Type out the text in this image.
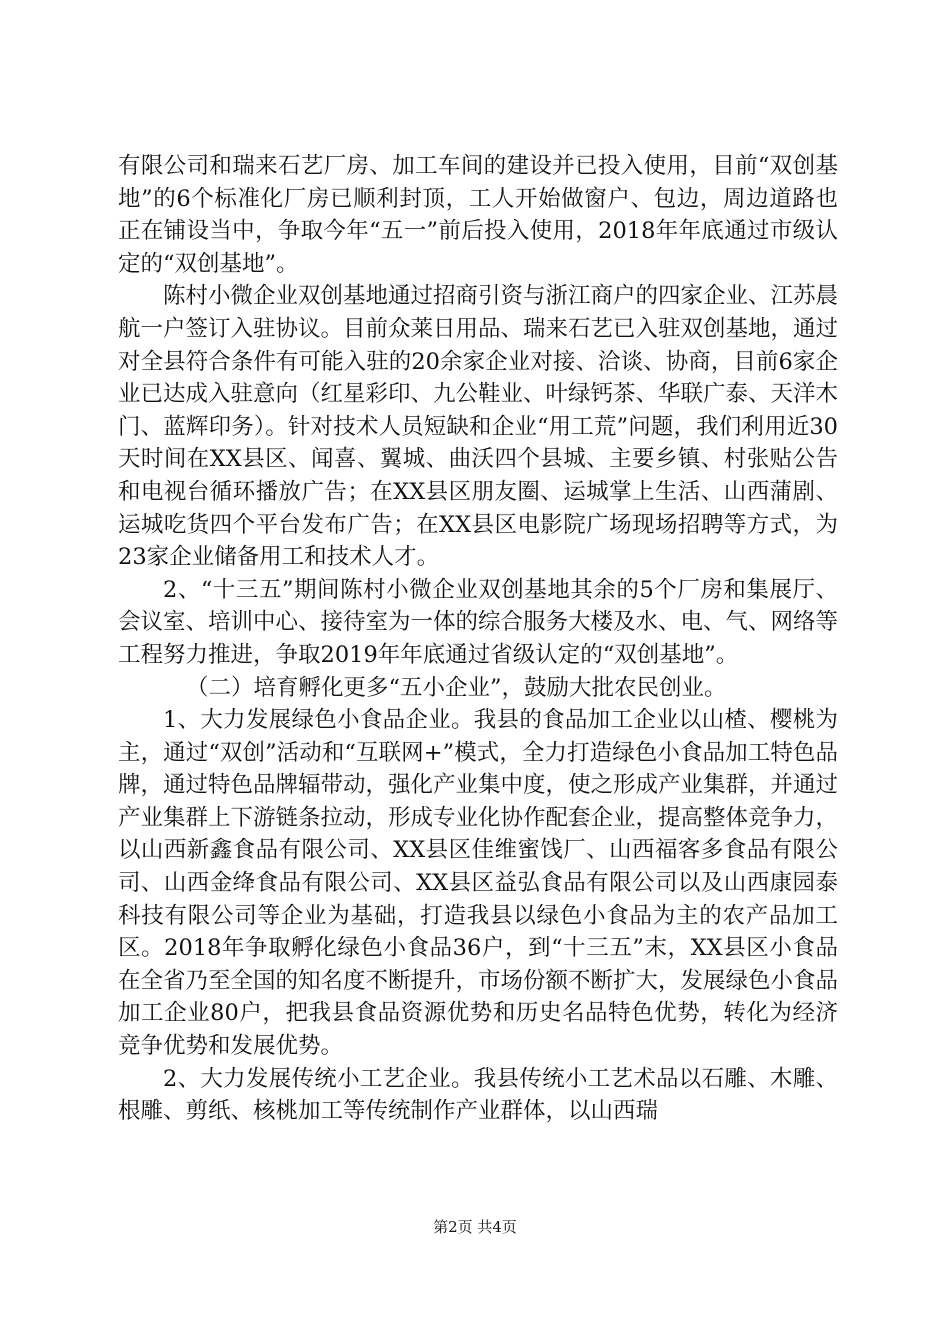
有限公司和瑞来石艺厂房、加工车间的建设并已投入使用，目前“双创基地”的6个标准化厂房已顺利封顶，工人开始做窗户、包边，周边道路也正在铺设当中，争取今年“五一”前后投入使用，2018年年底通过市级认定的“双创基地”。

陈村小微企业双创基地通过招商引资与浙江商户的四家企业、江苏晨航一户签订入驻协议。目前众莱日用品、瑞来石艺已入驻双创基地，通过对全县符合条件有可能入驻的20余家企业对接、洽谈、协商，目前6家企业已达成入驻意向（红星彩印、九公鞋业、叶绿钙茶、华联广泰、天洋木门、蓝辉印务）。针对技术人员短缺和企业“用工荒”问题，我们利用近30天时间在XX县区、闻喜、翼城、曲沃四个县城、主要乡镇、村张贴公告和电视台循环播放广告；在XX县区朋友圈、运城掌上生活、山西蒲剧、运城吃货四个平台发布广告；在XX县区电影院广场现场招聘等方式，为23家企业储备用工和技术人才。

2、“十三五”期间陈村小微企业双创基地其余的5个厂房和集展厅、会议室、培训中心、接待室为一体的综合服务大楼及水、电、气、网络等工程努力推进，争取2019年年底通过省级认定的“双创基地”。

（二）培育孵化更多“五小企业”，鼓励大批农民创业。

1、大力发展绿色小食品企业。我县的食品加工企业以山楂、樱桃为主，通过“双创”活动和“互联网+”模式，全力打造绿色小食品加工特色品牌，通过特色品牌辐带动，强化产业集中度，使之形成产业集群，并通过产业集群上下游链条拉动，形成专业化协作配套企业，提高整体竞争力，以山西新鑫食品有限公司、XX县区佳维蜜饯厂、山西福客多食品有限公司、山西金绛食品有限公司、XX县区益弘食品有限公司以及山西康园泰科技有限公司等企业为基础，打造我县以绿色小食品为主的农产品加工区。2018年争取孵化绿色小食品36户，到“十三五”末，XX县区小食品在全省乃至全国的知名度不断提升，市场份额不断扩大，发展绿色小食品加工企业80户，把我县食品资源优势和历史名品特色优势，转化为经济竞争优势和发展优势。

2、大力发展传统小工艺企业。我县传统小工艺术品以石雕、木雕、根雕、剪纸、核桃加工等传统制作产业群体，以山西瑞

第2页 共4页
